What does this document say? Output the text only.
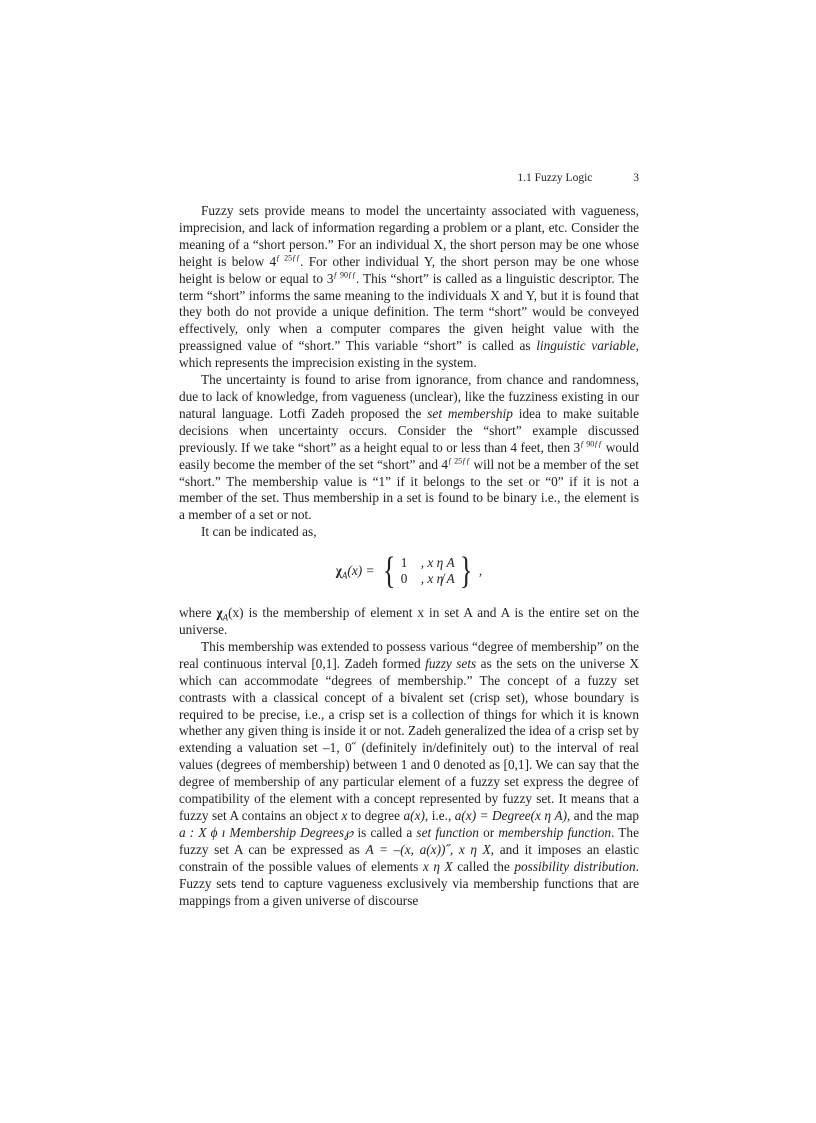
1.1 Fuzzy Logic	3

Fuzzy sets provide means to model the uncertainty associated with vagueness, imprecision, and lack of information regarding a problem or a plant, etc. Consider the meaning of a “short person.” For an individual X, the short person may be one whose height is below $4^{ƒ 25ƒƒ}$. For other individual Y, the short person may be one whose height is below or equal to $3^{ƒ 90ƒƒ}$. This “short” is called as a linguistic descriptor. The term “short” informs the same meaning to the individuals X and Y, but it is found that they both do not provide a unique definition. The term “short” would be conveyed effectively, only when a computer compares the given height value with the preassigned value of “short.” This variable “short” is called as linguistic variable, which represents the imprecision existing in the system.

The uncertainty is found to arise from ignorance, from chance and randomness, due to lack of knowledge, from vagueness (unclear), like the fuzziness existing in our natural language. Lotfi Zadeh proposed the set membership idea to make suitable decisions when uncertainty occurs. Consider the “short” example discussed previously. If we take “short” as a height equal to or less than 4 feet, then $3^{ƒ 90ƒƒ}$ would easily become the member of the set “short” and $4^{ƒ 25ƒƒ}$ will not be a member of the set “short.” The membership value is “1” if it belongs to the set or “0” if it is not a member of the set. Thus membership in a set is found to be binary i.e., the element is a member of a set or not.

It can be indicated as,

$\chi_A(x)$ = { 1 , x η A
0 , x η̸ A } ,

where $\chi_A(x)$ is the membership of element x in set A and A is the entire set on the universe.

This membership was extended to possess various “degree of membership” on the real continuous interval [0,1]. Zadeh formed fuzzy sets as the sets on the universe X which can accommodate “degrees of membership.” The concept of a fuzzy set contrasts with a classical concept of a bivalent set (crisp set), whose boundary is required to be precise, i.e., a crisp set is a collection of things for which it is known whether any given thing is inside it or not. Zadeh generalized the idea of a crisp set by extending a valuation set –1, 0˝ (definitely in/definitely out) to the interval of real values (degrees of membership) between 1 and 0 denoted as [0,1]. We can say that the degree of membership of any particular element of a fuzzy set express the degree of compatibility of the element with a concept represented by fuzzy set. It means that a fuzzy set A contains an object x to degree a(x), i.e., a(x) = Degree(x η A), and the map a : X ϕ ı Membership Degrees℘ is called a set function or membership function. The fuzzy set A can be expressed as A = –(x, a(x))˝, x η X, and it imposes an elastic constrain of the possible values of elements x η X called the possibility distribution. Fuzzy sets tend to capture vagueness exclusively via membership functions that are mappings from a given universe of discourse
